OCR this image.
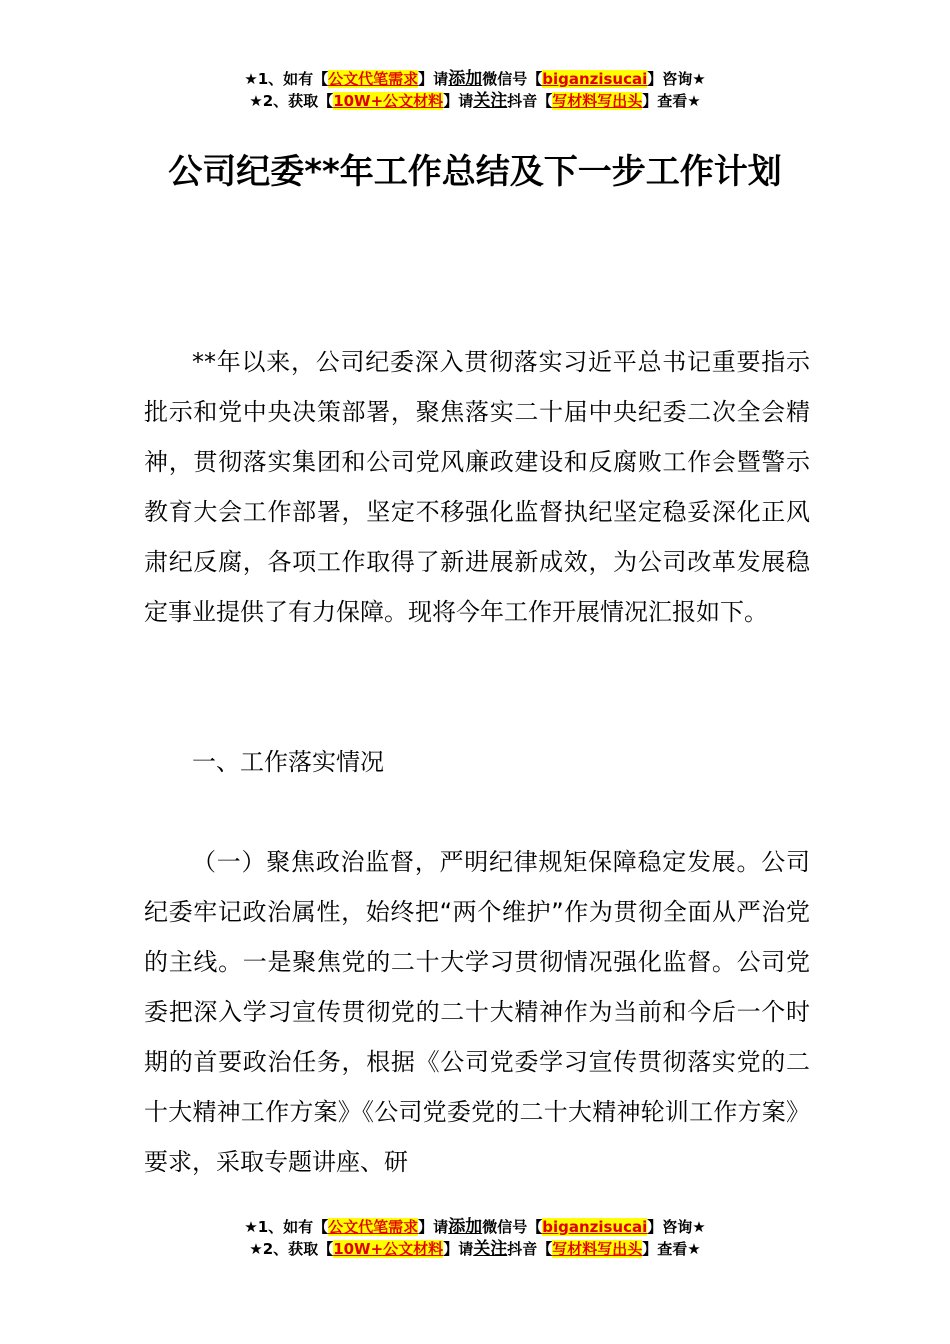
★1、如有【公文代笔需求】请添加微信号【biganzisucai】咨询★
★2、获取【10W+公文材料】请关注抖音【写材料写出头】查看★
公司纪委**年工作总结及下一步工作计划

**年以来，公司纪委深入贯彻落实习近平总书记重要指示批示和党中央决策部署，聚焦落实二十届中央纪委二次全会精神，贯彻落实集团和公司党风廉政建设和反腐败工作会暨警示教育大会工作部署，坚定不移强化监督执纪坚定稳妥深化正风肃纪反腐，各项工作取得了新进展新成效，为公司改革发展稳定事业提供了有力保障。现将今年工作开展情况汇报如下。

一、工作落实情况

（一）聚焦政治监督，严明纪律规矩保障稳定发展。公司纪委牢记政治属性，始终把“两个维护”作为贯彻全面从严治党的主线。一是聚焦党的二十大学习贯彻情况强化监督。公司党委把深入学习宣传贯彻党的二十大精神作为当前和今后一个时期的首要政治任务，根据《公司党委学习宣传贯彻落实党的二十大精神工作方案》《公司党委党的二十大精神轮训工作方案》要求，采取专题讲座、研

★1、如有【公文代笔需求】请添加微信号【biganzisucai】咨询★
★2、获取【10W+公文材料】请关注抖音【写材料写出头】查看★
